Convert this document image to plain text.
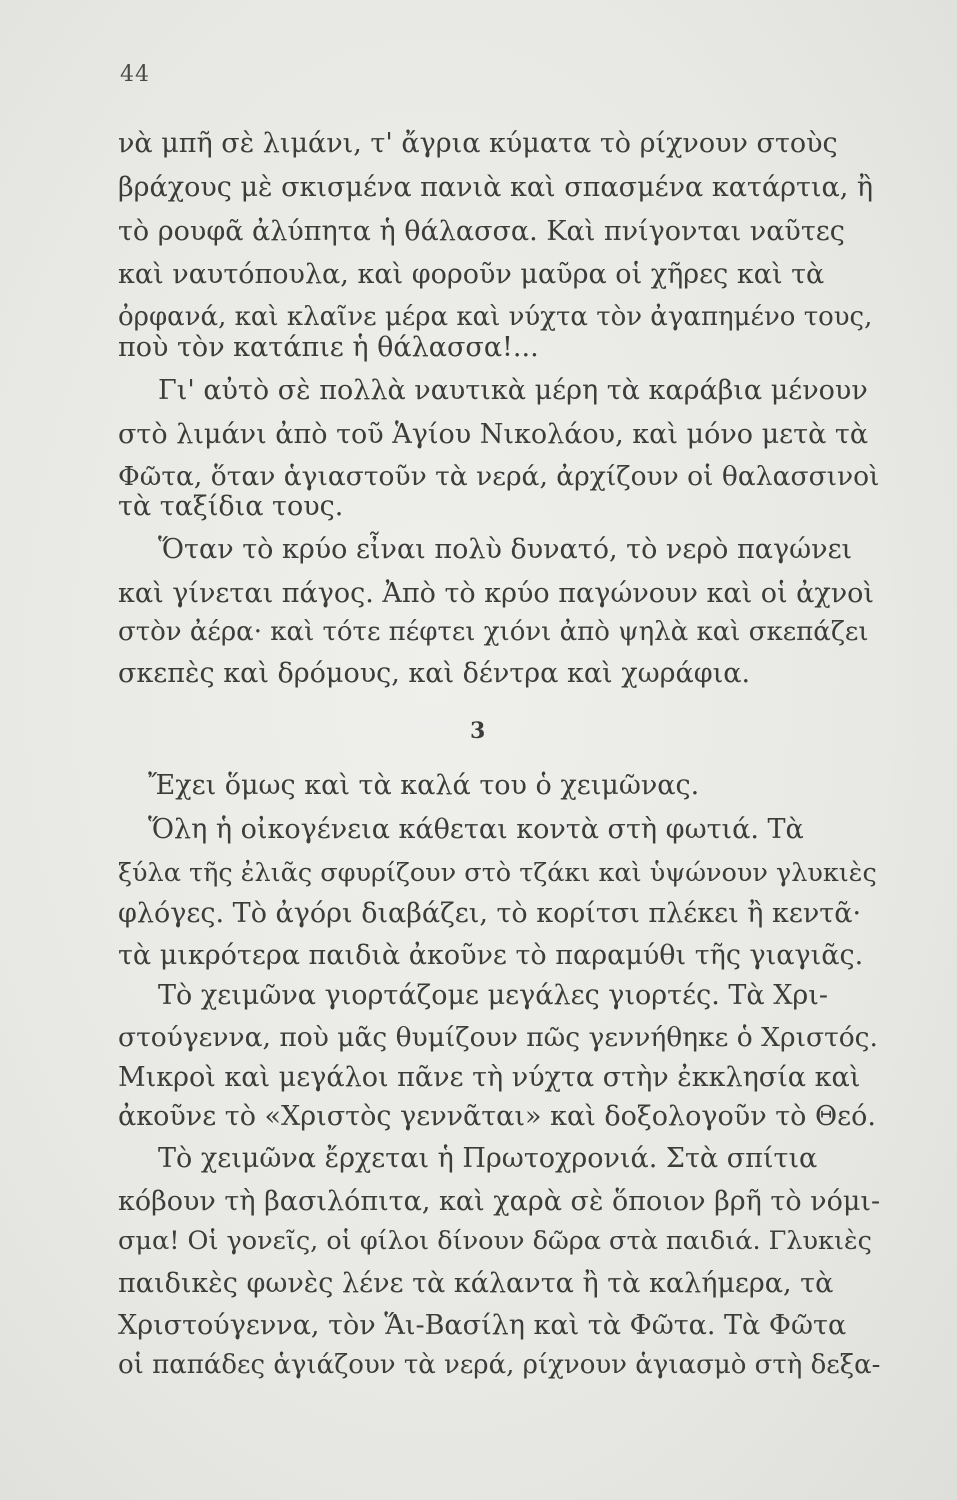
44
νὰ μπῆ σὲ λιμάνι, τ' ἄγρια κύματα τὸ ρίχνουν στοὺς
βράχους μὲ σκισμένα πανιὰ καὶ σπασμένα κατάρτια, ἢ
τὸ ρουφᾶ ἀλύπητα ἡ θάλασσα. Καὶ πνίγονται ναῦτες
καὶ ναυτόπουλα, καὶ φοροῦν μαῦρα οἱ χῆρες καὶ τὰ
ὀρφανά, καὶ κλαῖνε μέρα καὶ νύχτα τὸν ἀγαπημένο τους,
ποὺ τὸν κατάπιε ἡ θάλασσα!...
Γι' αὐτὸ σὲ πολλὰ ναυτικὰ μέρη τὰ καράβια μένουν
στὸ λιμάνι ἀπὸ τοῦ Ἁγίου Νικολάου, καὶ μόνο μετὰ τὰ
Φῶτα, ὅταν ἁγιαστοῦν τὰ νερά, ἀρχίζουν οἱ θαλασσινοὶ
τὰ ταξίδια τους.
Ὅταν τὸ κρύο εἶναι πολὺ δυνατό, τὸ νερὸ παγώνει
καὶ γίνεται πάγος. Ἀπὸ τὸ κρύο παγώνουν καὶ οἱ ἀχνοὶ
στὸν ἀέρα· καὶ τότε πέφτει χιόνι ἀπὸ ψηλὰ καὶ σκεπάζει
σκεπὲς καὶ δρόμους, καὶ δέντρα καὶ χωράφια.
3
Ἔχει ὅμως καὶ τὰ καλά του ὁ χειμῶνας.
Ὅλη ἡ οἰκογένεια κάθεται κοντὰ στὴ φωτιά. Τὰ
ξύλα τῆς ἐλιᾶς σφυρίζουν στὸ τζάκι καὶ ὑψώνουν γλυκιὲς
φλόγες. Τὸ ἀγόρι διαβάζει, τὸ κορίτσι πλέκει ἢ κεντᾶ·
τὰ μικρότερα παιδιὰ ἀκοῦνε τὸ παραμύθι τῆς γιαγιᾶς.
Τὸ χειμῶνα γιορτάζομε μεγάλες γιορτές. Τὰ Χρι-
στούγεννα, ποὺ μᾶς θυμίζουν πῶς γεννήθηκε ὁ Χριστός.
Μικροὶ καὶ μεγάλοι πᾶνε τὴ νύχτα στὴν ἐκκλησία καὶ
ἀκοῦνε τὸ «Χριστὸς γεννᾶται» καὶ δοξολογοῦν τὸ Θεό.
Τὸ χειμῶνα ἔρχεται ἡ Πρωτοχρονιά. Στὰ σπίτια
κόβουν τὴ βασιλόπιτα, καὶ χαρὰ σὲ ὅποιον βρῆ τὸ νόμι-
σμα! Οἱ γονεῖς, οἱ φίλοι δίνουν δῶρα στὰ παιδιά. Γλυκιὲς
παιδικὲς φωνὲς λένε τὰ κάλαντα ἢ τὰ καλήμερα, τὰ
Χριστούγεννα, τὸν Ἅι-Βασίλη καὶ τὰ Φῶτα. Τὰ Φῶτα
οἱ παπάδες ἁγιάζουν τὰ νερά, ρίχνουν ἁγιασμὸ στὴ δεξα-
